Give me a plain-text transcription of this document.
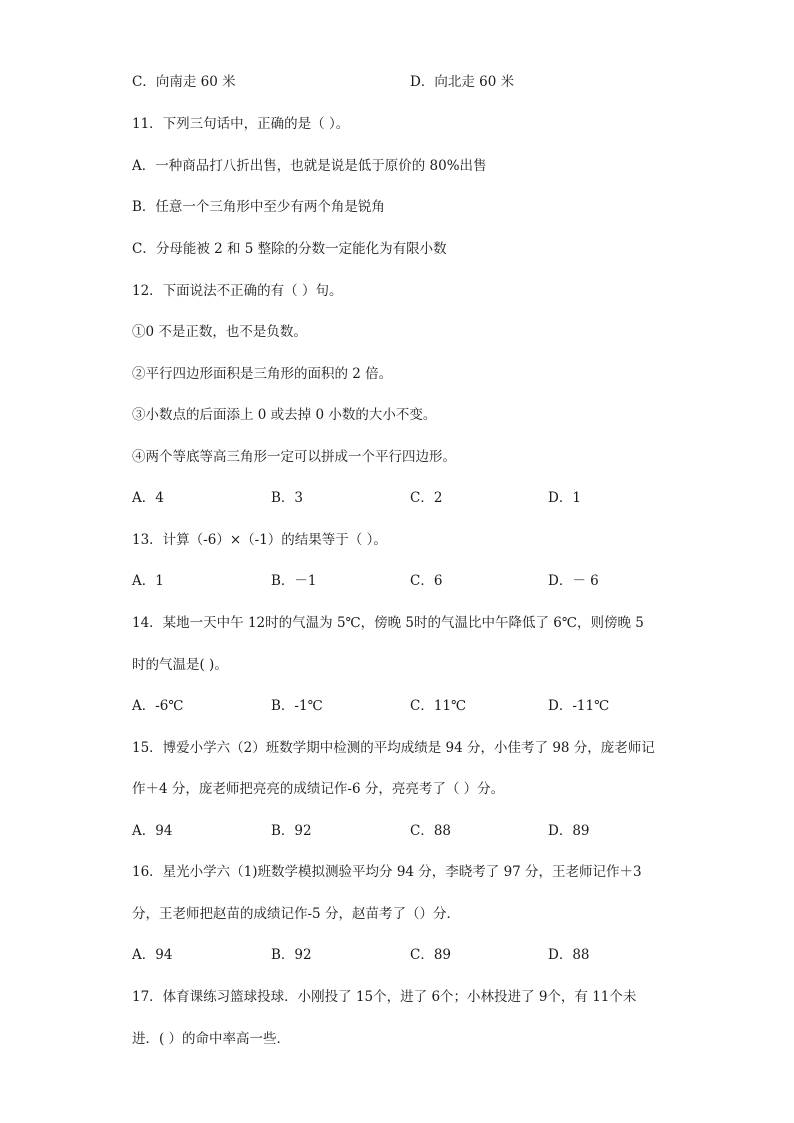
C．向南走 60 米	D．向北走 60 米
11．下列三句话中，正确的是（ ）。
A．一种商品打八折出售，也就是说是低于原价的 80%出售
B．任意一个三角形中至少有两个角是锐角
C．分母能被 2 和 5 整除的分数一定能化为有限小数
12．下面说法不正确的有（ ）句。
①0 不是正数，也不是负数。
②平行四边形面积是三角形的面积的 2 倍。
③小数点的后面添上 0 或去掉 0 小数的大小不变。
④两个等底等高三角形一定可以拼成一个平行四边形。
A．4	B．3	C．2	D．1
13．计算（-6）×（-1）的结果等于（ ）。
A．1	B．－1	C．6	D．－ 6
14．某地一天中午 12时的气温为 5℃，傍晚 5时的气温比中午降低了 6℃，则傍晚 5
时的气温是( )。
A．-6℃	B．-1℃	C．11℃	D．-11℃
15．博爱小学六（2）班数学期中检测的平均成绩是 94 分，小佳考了 98 分，庞老师记
作＋4 分，庞老师把亮亮的成绩记作-6 分，亮亮考了（ ）分。
A．94	B．92	C．88	D．89
16．星光小学六（1)班数学模拟测验平均分 94 分，李晓考了 97 分，王老师记作＋3
分，王老师把赵苗的成绩记作-5 分，赵苗考了（）分．
A．94	B．92	C．89	D．88
17．体育课练习篮球投球．小刚投了 15个，进了 6个；小林投进了 9个，有 11个未
进．( ）的命中率高一些．
